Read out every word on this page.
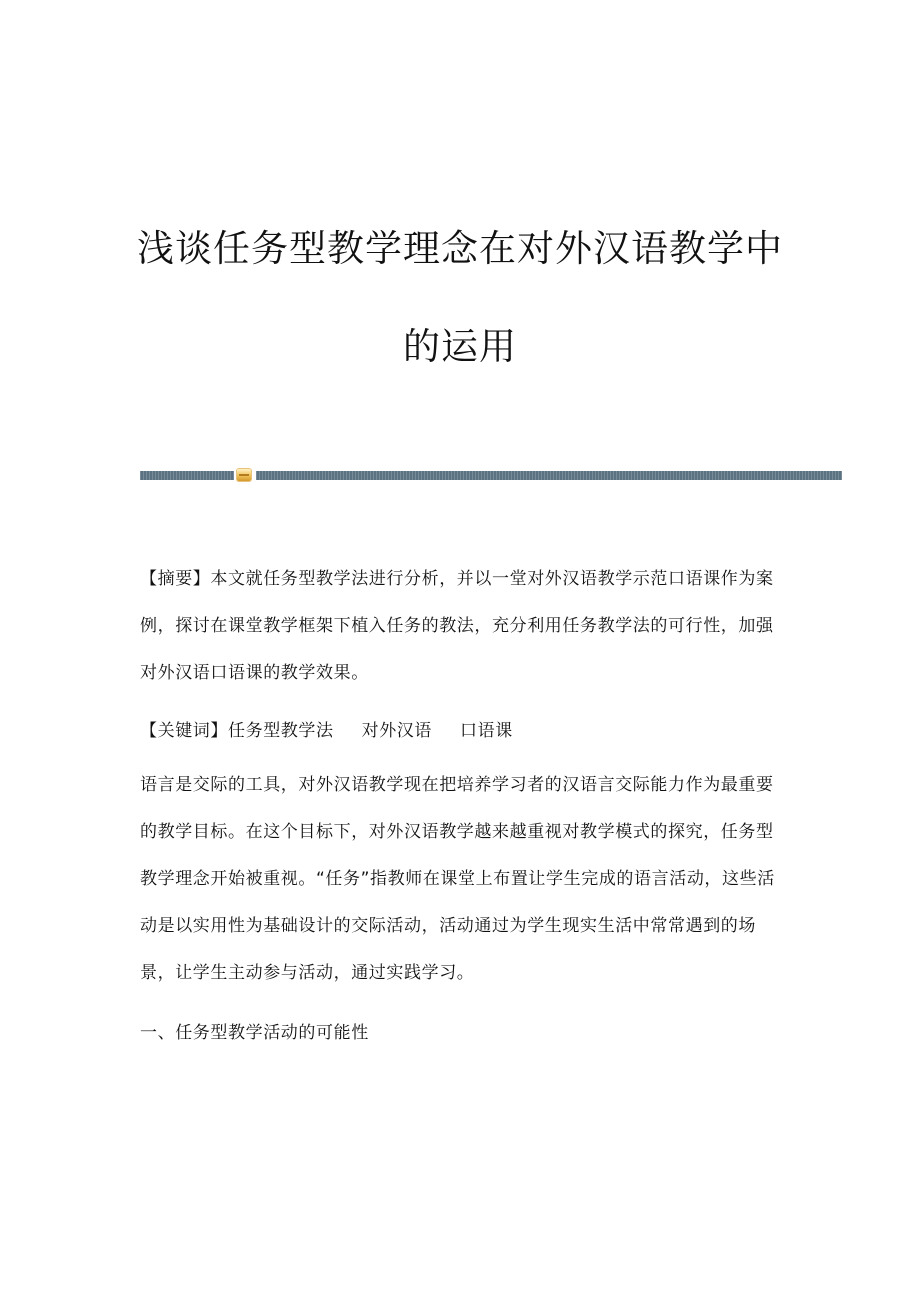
浅谈任务型教学理念在对外汉语教学中
的运用

【摘要】本文就任务型教学法进行分析，并以一堂对外汉语教学示范口语课作为案例，探讨在课堂教学框架下植入任务的教法，充分利用任务教学法的可行性，加强对外汉语口语课的教学效果。

【关键词】任务型教学法 对外汉语 口语课

语言是交际的工具，对外汉语教学现在把培养学习者的汉语言交际能力作为最重要的教学目标。在这个目标下，对外汉语教学越来越重视对教学模式的探究，任务型教学理念开始被重视。“任务”指教师在课堂上布置让学生完成的语言活动，这些活动是以实用性为基础设计的交际活动，活动通过为学生现实生活中常常遇到的场景，让学生主动参与活动，通过实践学习。

一、任务型教学活动的可能性
